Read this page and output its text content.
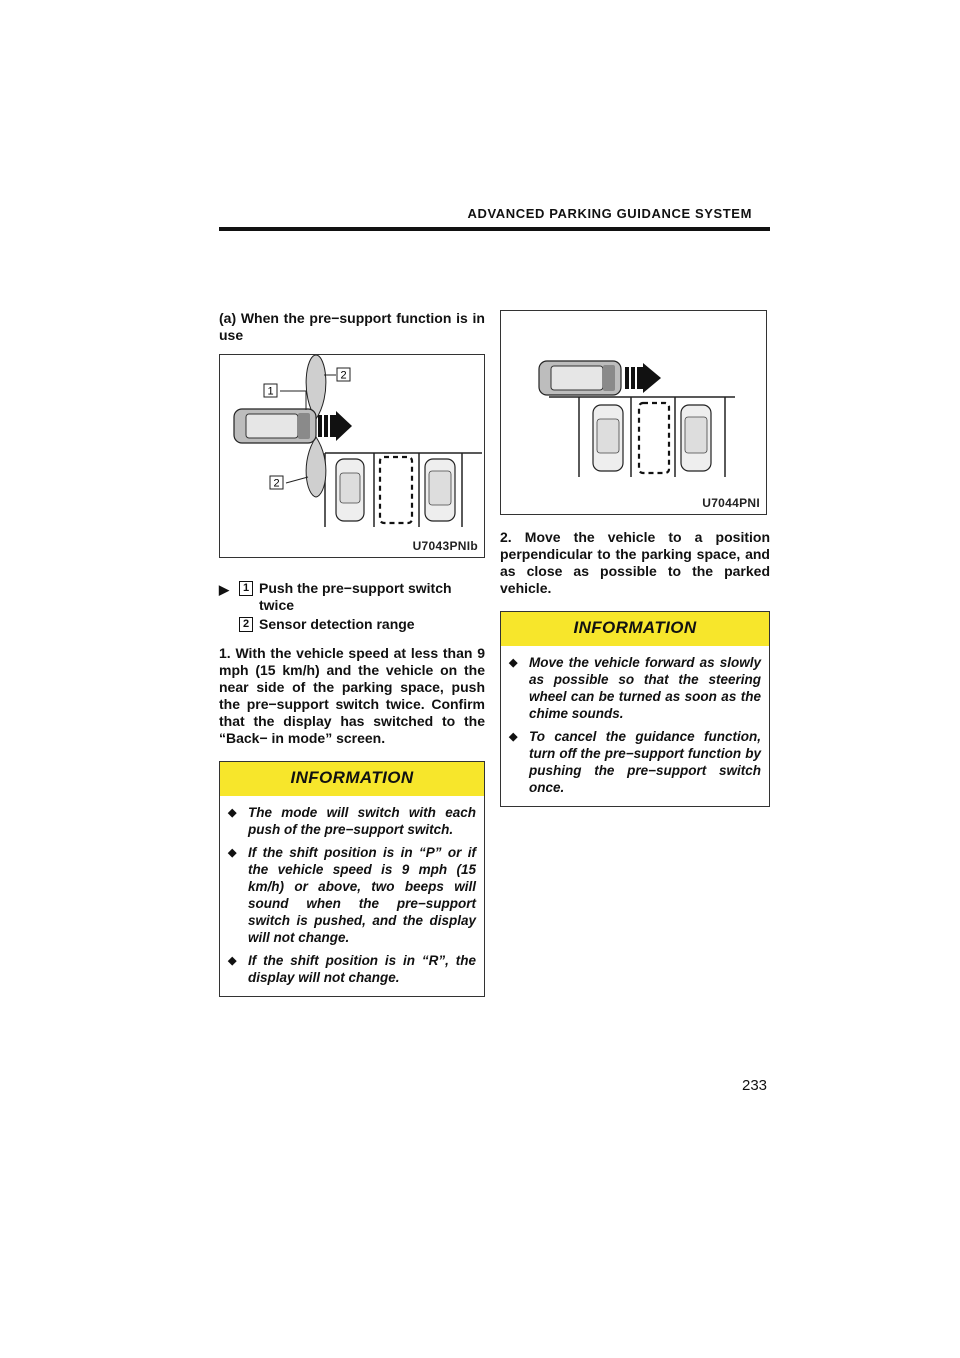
ADVANCED PARKING GUIDANCE SYSTEM

(a) When the pre−support function is in use

1
2
2
U7043PNIb
▶	1 Push the pre−support switch twice
2 Sensor detection range

1. With the vehicle speed at less than 9 mph (15 km/h) and the vehicle on the near side of the parking space, push the pre−support switch twice. Confirm that the display has switched to the “Back− in mode” screen.

INFORMATION
◆ The mode will switch with each push of the pre−support switch.
◆ If the shift position is in “P” or if the vehicle speed is 9 mph (15 km/h) or above, two beeps will sound when the pre−support switch is pushed, and the display will not change.
◆ If the shift position is in “R”, the display will not change.
U7044PNI

2. Move the vehicle to a position perpendicular to the parking space, and as close as possible to the parked vehicle.

INFORMATION
◆ Move the vehicle forward as slowly as possible so that the steering wheel can be turned as soon as the chime sounds.
◆ To cancel the guidance function, turn off the pre−support function by pushing the pre−support switch once.
233
